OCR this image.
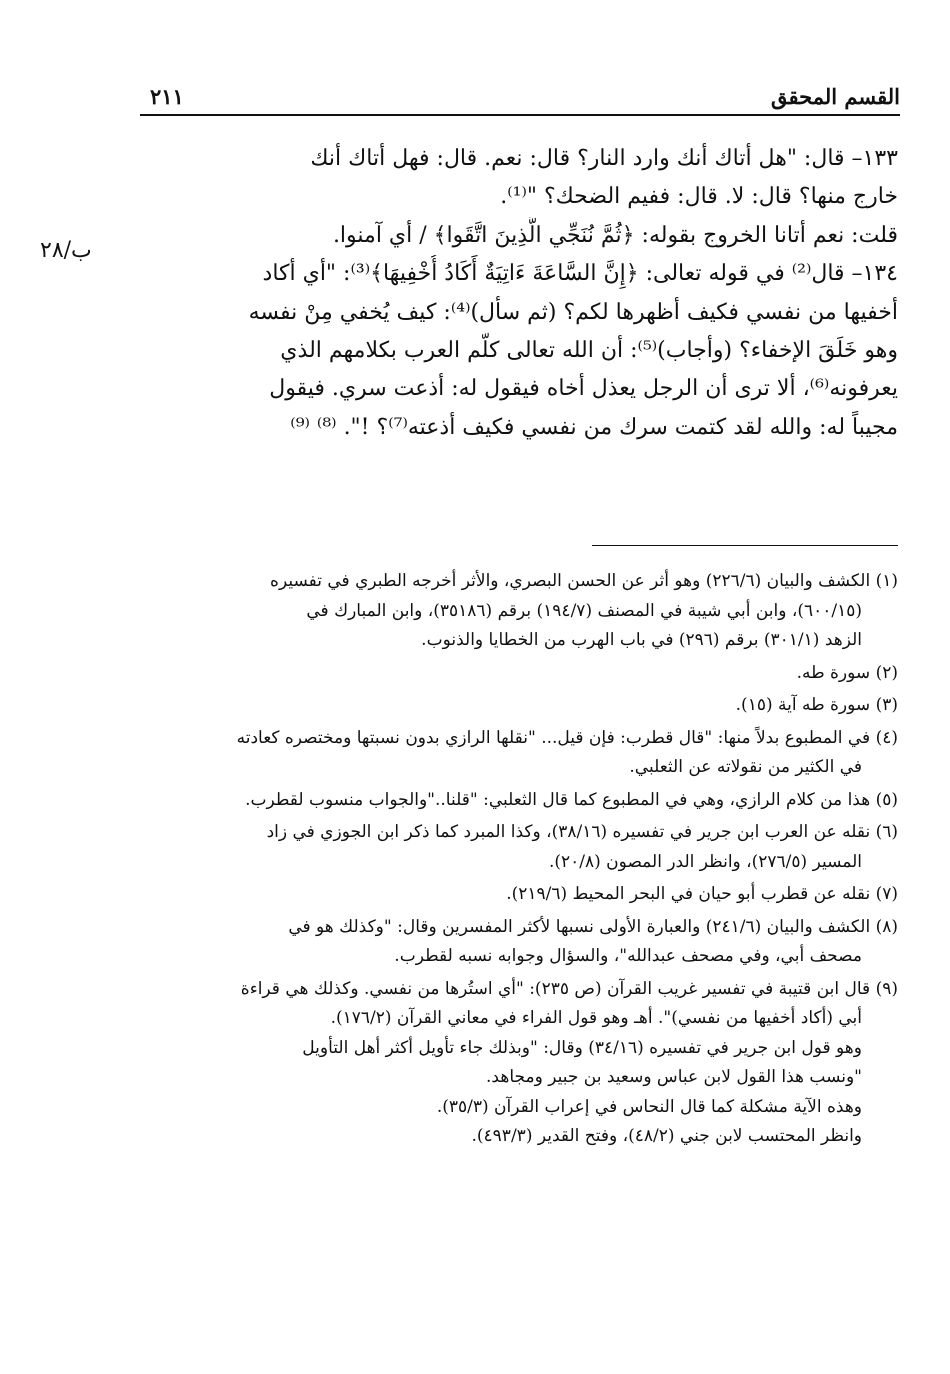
القسم المحقق
٢١١
ب/٢٨
١٣٣– قال: "هل أتاك أنك وارد النار؟ قال: نعم. قال: فهل أتاك أنك
خارج منها؟ قال: لا. قال: ففيم الضحك؟ "⁽¹⁾.
قلت: نعم أتانا الخروج بقوله: ﴿ثُمَّ نُنَجِّي الَّذِينَ اتَّقَوا﴾ / أي آمنوا.
١٣٤– قال⁽²⁾ في قوله تعالى: ﴿إِنَّ السَّاعَةَ ءَاتِيَةٌ أَكَادُ أُخْفِيهَا﴾⁽³⁾: "أي أكاد
أخفيها من نفسي فكيف أظهرها لكم؟ (ثم سأل)⁽⁴⁾: كيف يُخفي مِنْ نفسه
وهو خَلَقَ الإخفاء؟ (وأجاب)⁽⁵⁾: أن الله تعالى كلّم العرب بكلامهم الذي
يعرفونه⁽⁶⁾، ألا ترى أن الرجل يعذل أخاه فيقول له: أذعت سري. فيقول
مجيباً له: والله لقد كتمت سرك من نفسي فكيف أذعته⁽⁷⁾؟ !". ⁽⁸⁾ ⁽⁹⁾
(١) الكشف والبيان (٢٢٦/٦) وهو أثر عن الحسن البصري، والأثر أخرجه الطبري في تفسيره
(٦٠٠/١٥)، وابن أبي شيبة في المصنف (١٩٤/٧) برقم (٣٥١٨٦)، وابن المبارك في
الزهد (٣٠١/١) برقم (٢٩٦) في باب الهرب من الخطايا والذنوب.
(٢) سورة طه.
(٣) سورة طه آية (١٥).
(٤) في المطبوع بدلاً منها: "قال قطرب: فإن قيل... "نقلها الرازي بدون نسبتها ومختصره كعادته
في الكثير من نقولاته عن الثعلبي.
(٥) هذا من كلام الرازي، وهي في المطبوع كما قال الثعلبي: "قلنا.."والجواب منسوب لقطرب.
(٦) نقله عن العرب ابن جرير في تفسيره (٣٨/١٦)، وكذا المبرد كما ذكر ابن الجوزي في زاد
المسير (٢٧٦/٥)، وانظر الدر المصون (٢٠/٨).
(٧) نقله عن قطرب أبو حيان في البحر المحيط (٢١٩/٦).
(٨) الكشف والبيان (٢٤١/٦) والعبارة الأولى نسبها لأكثر المفسرين وقال: "وكذلك هو في
مصحف أبي، وفي مصحف عبدالله"، والسؤال وجوابه نسبه لقطرب.
(٩) قال ابن قتيبة في تفسير غريب القرآن (ص ٢٣٥): "أي استُرها من نفسي. وكذلك هي قراءة
أبي (أكاد أخفيها من نفسي)". أهـ وهو قول الفراء في معاني القرآن (١٧٦/٢).
وهو قول ابن جرير في تفسيره (٣٤/١٦) وقال: "وبذلك جاء تأويل أكثر أهل التأويل
"ونسب هذا القول لابن عباس وسعيد بن جبير ومجاهد.
وهذه الآية مشكلة كما قال النحاس في إعراب القرآن (٣٥/٣).
وانظر المحتسب لابن جني (٤٨/٢)، وفتح القدير (٤٩٣/٣).
